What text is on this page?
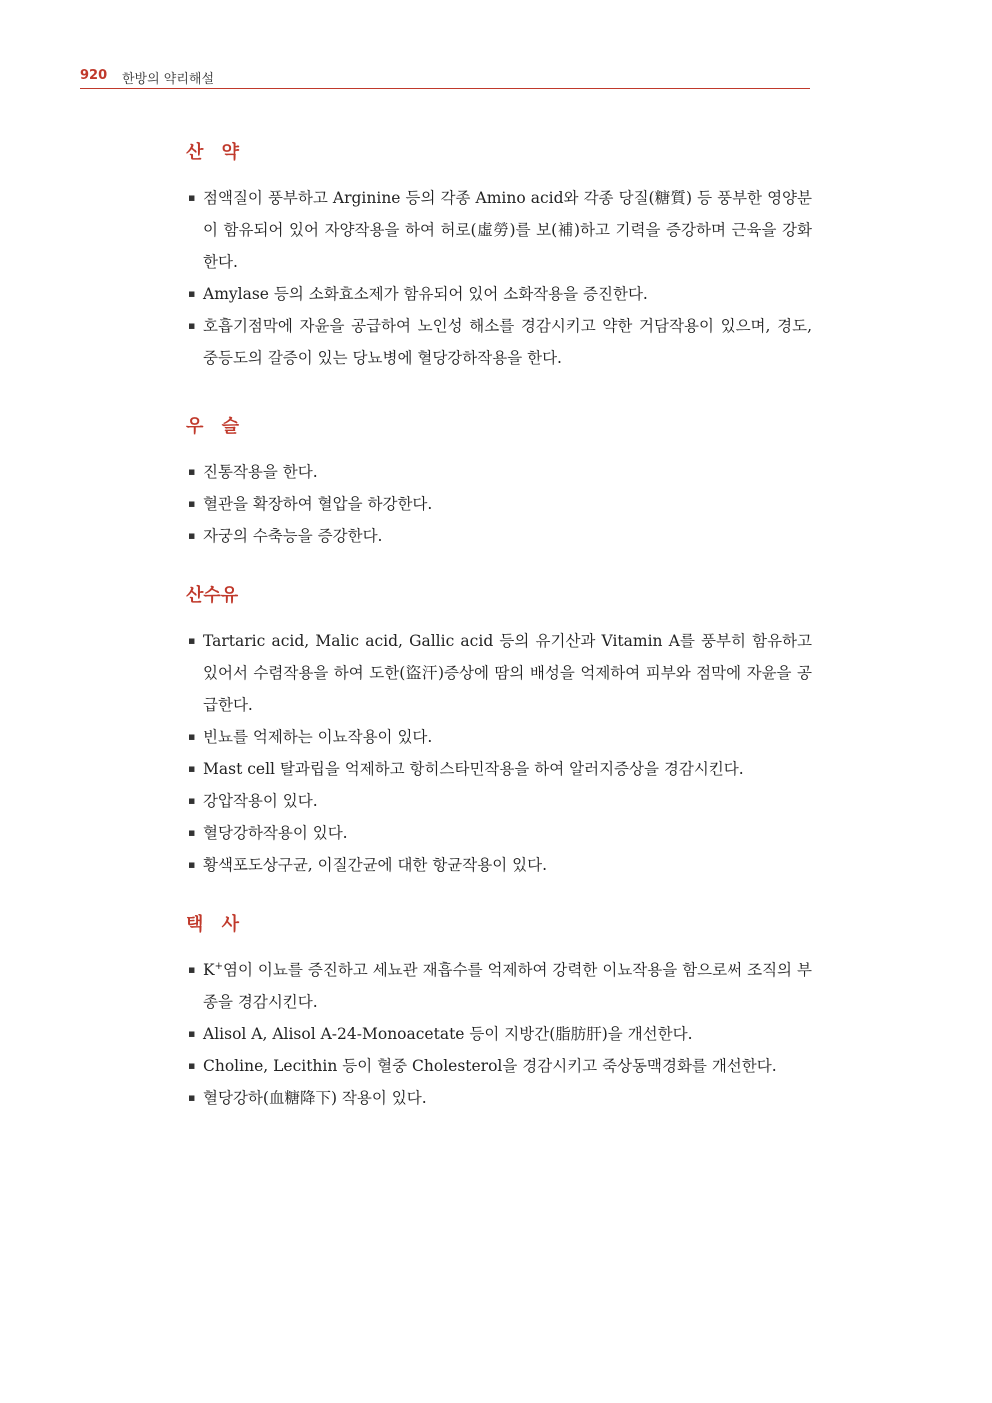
920 한방의 약리해설
산 약
▪ 점액질이 풍부하고 Arginine 등의 각종 Amino acid와 각종 당질(糖質) 등 풍부한 영양분이 함유되어 있어 자양작용을 하여 허로(虛勞)를 보(補)하고 기력을 증강하며 근육을 강화한다.
▪ Amylase 등의 소화효소제가 함유되어 있어 소화작용을 증진한다.
▪ 호흡기점막에 자윤을 공급하여 노인성 해소를 경감시키고 약한 거담작용이 있으며, 경도, 중등도의 갈증이 있는 당뇨병에 혈당강하작용을 한다.
우 슬
▪ 진통작용을 한다.
▪ 혈관을 확장하여 혈압을 하강한다.
▪ 자궁의 수축능을 증강한다.
산수유
▪ Tartaric acid, Malic acid, Gallic acid 등의 유기산과 Vitamin A를 풍부히 함유하고 있어서 수렴작용을 하여 도한(盜汗)증상에 땀의 배성을 억제하여 피부와 점막에 자윤을 공급한다.
▪ 빈뇨를 억제하는 이뇨작용이 있다.
▪ Mast cell 탈과립을 억제하고 항히스타민작용을 하여 알러지증상을 경감시킨다.
▪ 강압작용이 있다.
▪ 혈당강하작용이 있다.
▪ 황색포도상구균, 이질간균에 대한 항균작용이 있다.
택 사
▪ K+염이 이뇨를 증진하고 세뇨관 재흡수를 억제하여 강력한 이뇨작용을 함으로써 조직의 부종을 경감시킨다.
▪ Alisol A, Alisol A-24-Monoacetate 등이 지방간(脂肪肝)을 개선한다.
▪ Choline, Lecithin 등이 혈중 Cholesterol을 경감시키고 죽상동맥경화를 개선한다.
▪ 혈당강하(血糖降下) 작용이 있다.
